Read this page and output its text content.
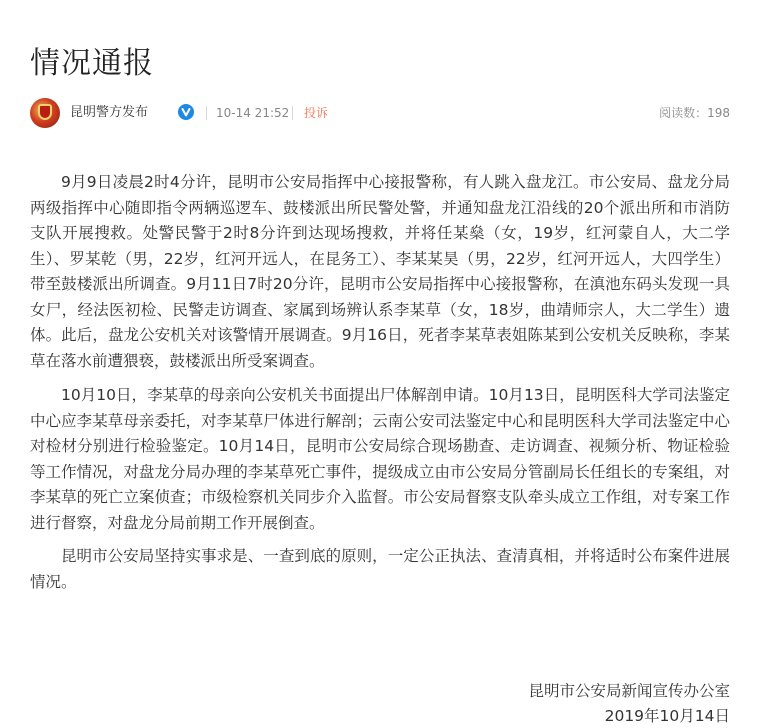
情况通报
昆明警方发布	10-14 21:52 投诉	阅读数：198

9月9日凌晨2时4分许，昆明市公安局指挥中心接报警称，有人跳入盘龙江。市公安局、盘龙分局两级指挥中心随即指令两辆巡逻车、鼓楼派出所民警处警，并通知盘龙江沿线的20个派出所和市消防支队开展搜救。处警民警于2时8分许到达现场搜救，并将任某燊（女，19岁，红河蒙自人，大二学生）、罗某乾（男，22岁，红河开远人，在昆务工）、李某某昊（男，22岁，红河开远人，大四学生）带至鼓楼派出所调查。9月11日7时20分许，昆明市公安局指挥中心接报警称，在滇池东码头发现一具女尸，经法医初检、民警走访调查、家属到场辨认系李某草（女，18岁，曲靖师宗人，大二学生）遗体。此后，盘龙公安机关对该警情开展调查。9月16日，死者李某草表姐陈某到公安机关反映称，李某草在落水前遭猥亵，鼓楼派出所受案调查。

10月10日，李某草的母亲向公安机关书面提出尸体解剖申请。10月13日，昆明医科大学司法鉴定中心应李某草母亲委托，对李某草尸体进行解剖；云南公安司法鉴定中心和昆明医科大学司法鉴定中心对检材分别进行检验鉴定。10月14日，昆明市公安局综合现场勘查、走访调查、视频分析、物证检验等工作情况，对盘龙分局办理的李某草死亡事件，提级成立由市公安局分管副局长任组长的专案组，对李某草的死亡立案侦查；市级检察机关同步介入监督。市公安局督察支队牵头成立工作组，对专案工作进行督察，对盘龙分局前期工作开展倒查。

昆明市公安局坚持实事求是、一查到底的原则，一定公正执法、查清真相，并将适时公布案件进展情况。

昆明市公安局新闻宣传办公室
2019年10月14日
